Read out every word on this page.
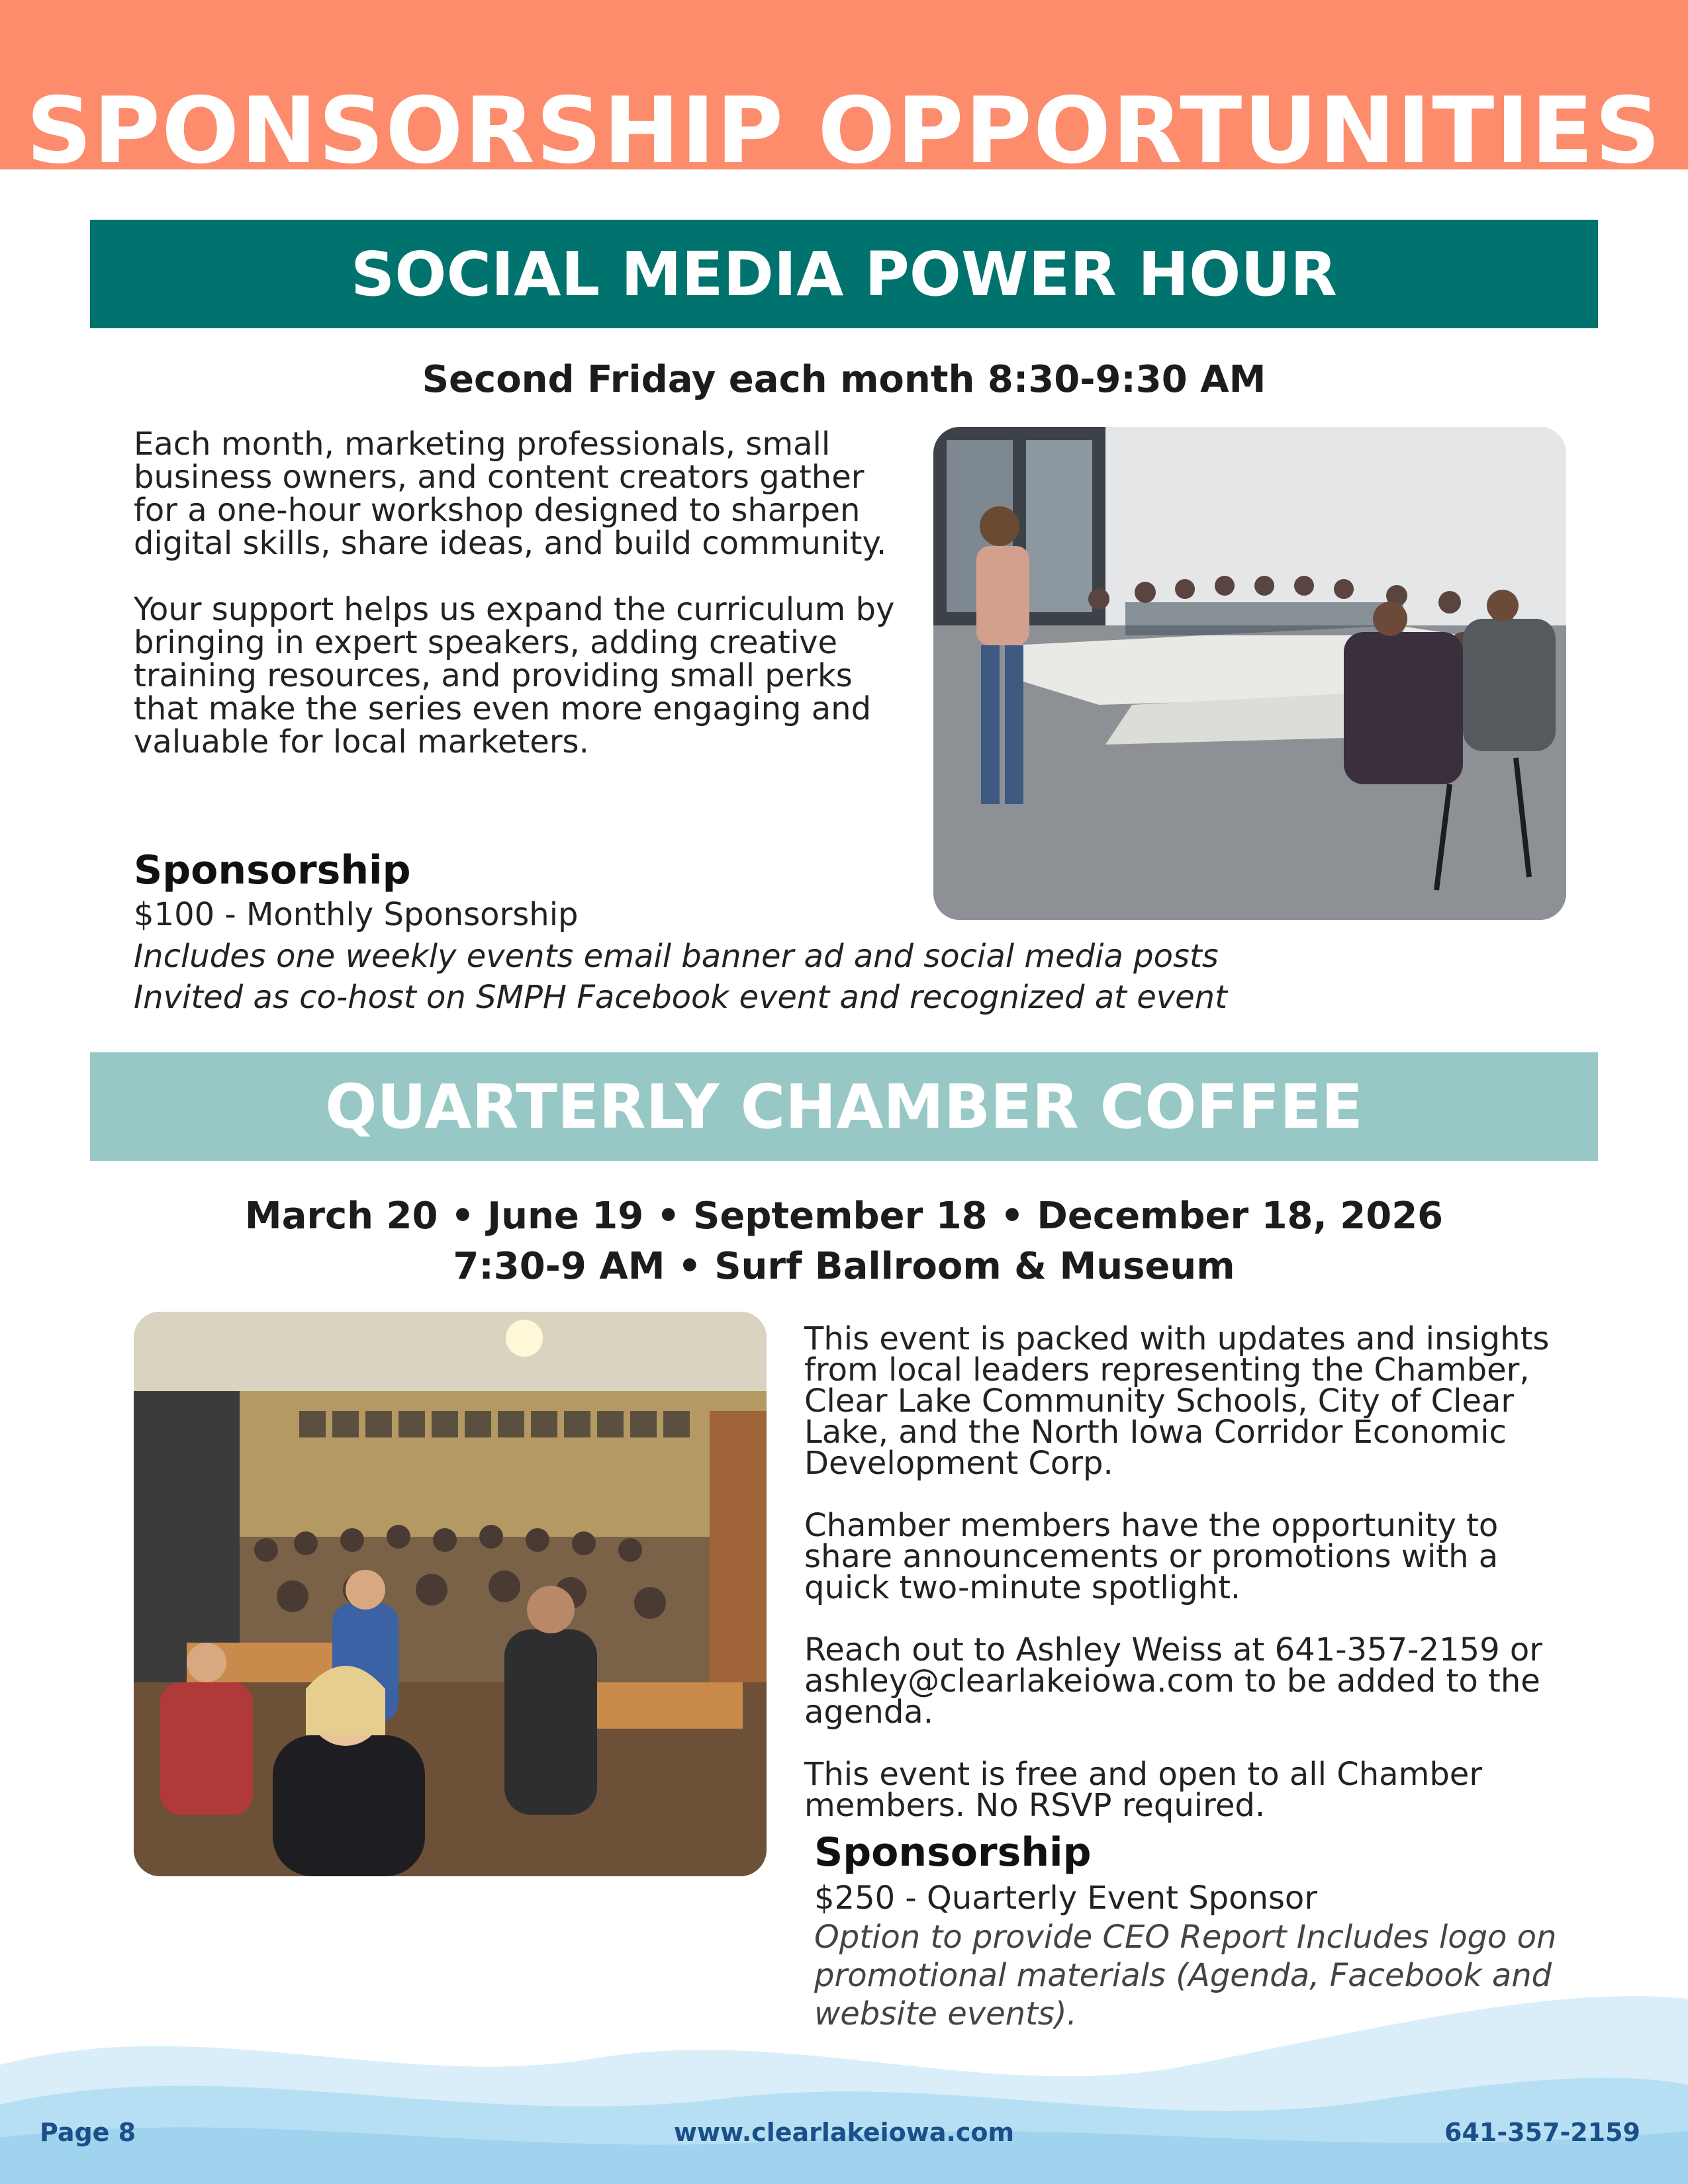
SPONSORSHIP OPPORTUNITIES
SOCIAL MEDIA POWER HOUR
Second Friday each month 8:30-9:30 AM

Each month, marketing professionals, small business owners, and content creators gather for a one-hour workshop designed to sharpen digital skills, share ideas, and build community.

Your support helps us expand the curriculum by bringing in expert speakers, adding creative training resources, and providing small perks that make the series even more engaging and valuable for local marketers.

Sponsorship
$100 - Monthly Sponsorship
Includes one weekly events email banner ad and social media posts
Invited as co-host on SMPH Facebook event and recognized at event
QUARTERLY CHAMBER COFFEE
March 20 • June 19 • September 18 • December 18, 2026
7:30-9 AM • Surf Ballroom & Museum

This event is packed with updates and insights from local leaders representing the Chamber, Clear Lake Community Schools, City of Clear Lake, and the North Iowa Corridor Economic Development Corp.

Chamber members have the opportunity to share announcements or promotions with a quick two-minute spotlight.

Reach out to Ashley Weiss at 641-357-2159 or ashley@clearlakeiowa.com to be added to the agenda.

This event is free and open to all Chamber members. No RSVP required.

Sponsorship
$250 - Quarterly Event Sponsor
Option to provide CEO Report Includes logo on promotional materials (Agenda, Facebook and website events).
Page 8	www.clearlakeiowa.com	641-357-2159
